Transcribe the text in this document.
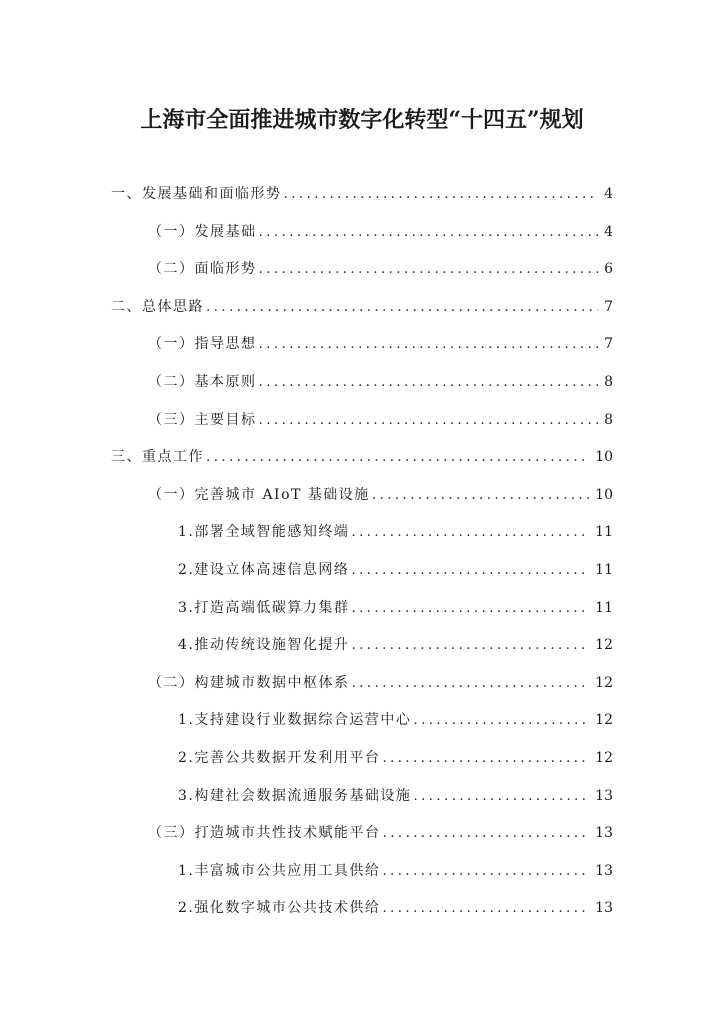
上海市全面推进城市数字化转型“十四五”规划
一、发展基础和面临形势 .....	4
（一）发展基础 .....	4
（二）面临形势 .....	6
二、总体思路 .....	7
（一）指导思想 .....	7
（二）基本原则 .....	8
（三）主要目标 .....	8
三、重点工作 .....	10
（一）完善城市 AIoT 基础设施 .....	10
1.部署全域智能感知终端 .....	11
2.建设立体高速信息网络 .....	11
3.打造高端低碳算力集群 .....	11
4.推动传统设施智化提升 .....	12
（二）构建城市数据中枢体系 .....	12
1.支持建设行业数据综合运营中心 .....	12
2.完善公共数据开发利用平台 .....	12
3.构建社会数据流通服务基础设施 .....	13
（三）打造城市共性技术赋能平台 .....	13
1.丰富城市公共应用工具供给 .....	13
2.强化数字城市公共技术供给 .....	13
